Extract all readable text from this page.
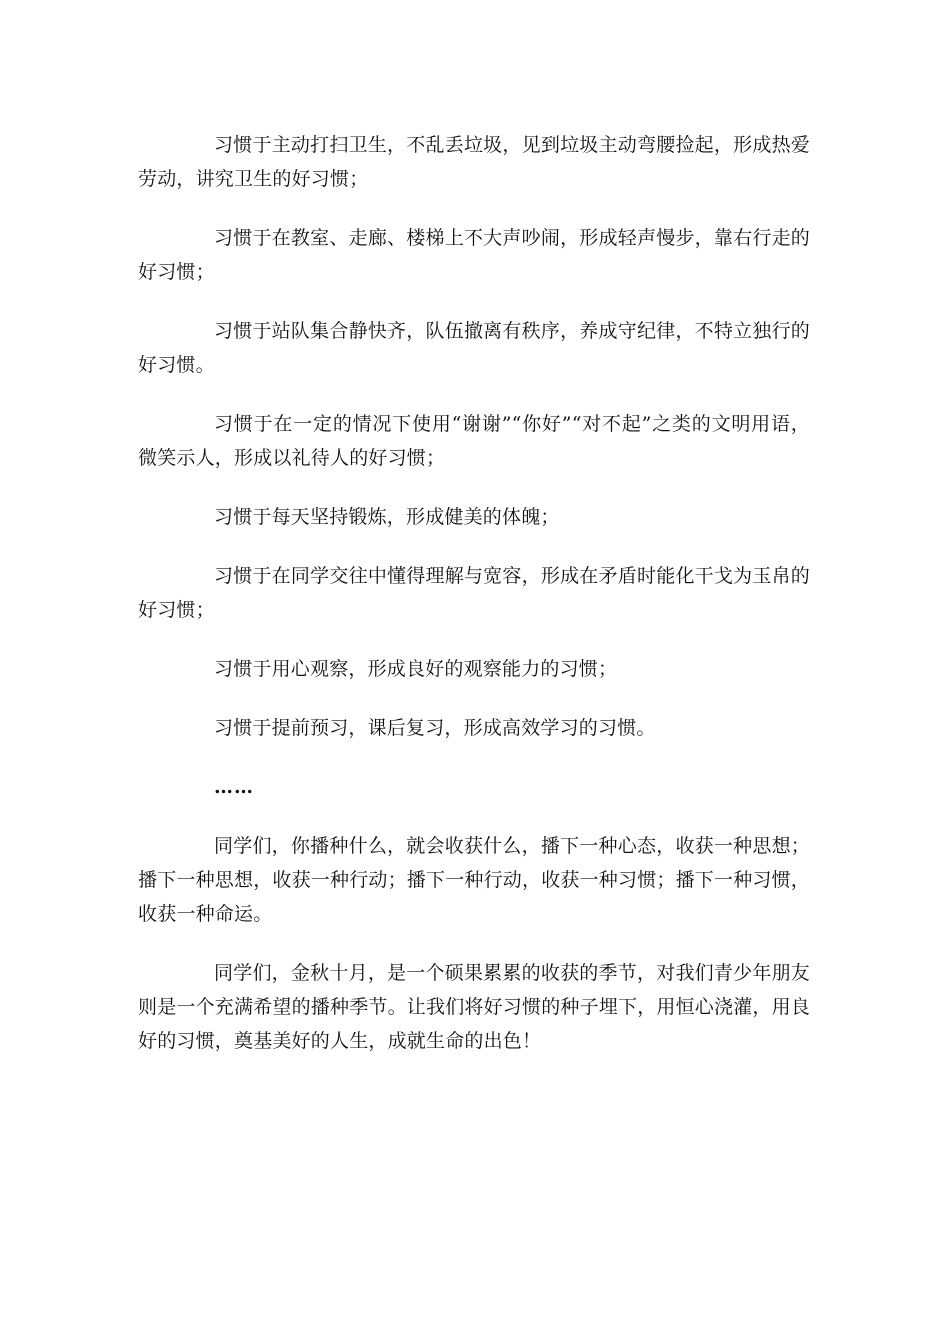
习惯于主动打扫卫生，不乱丢垃圾，见到垃圾主动弯腰捡起，形成热爱劳动，讲究卫生的好习惯；

习惯于在教室、走廊、楼梯上不大声吵闹，形成轻声慢步，靠右行走的好习惯；

习惯于站队集合静快齐，队伍撤离有秩序，养成守纪律，不特立独行的好习惯。

习惯于在一定的情况下使用“谢谢”“你好”“对不起”之类的文明用语，微笑示人，形成以礼待人的好习惯；

习惯于每天坚持锻炼，形成健美的体魄；

习惯于在同学交往中懂得理解与宽容，形成在矛盾时能化干戈为玉帛的好习惯；

习惯于用心观察，形成良好的观察能力的习惯；

习惯于提前预习，课后复习，形成高效学习的习惯。

……

同学们，你播种什么，就会收获什么，播下一种心态，收获一种思想；播下一种思想，收获一种行动；播下一种行动，收获一种习惯；播下一种习惯，收获一种命运。

同学们，金秋十月，是一个硕果累累的收获的季节，对我们青少年朋友则是一个充满希望的播种季节。让我们将好习惯的种子埋下，用恒心浇灌，用良好的习惯，奠基美好的人生，成就生命的出色！
